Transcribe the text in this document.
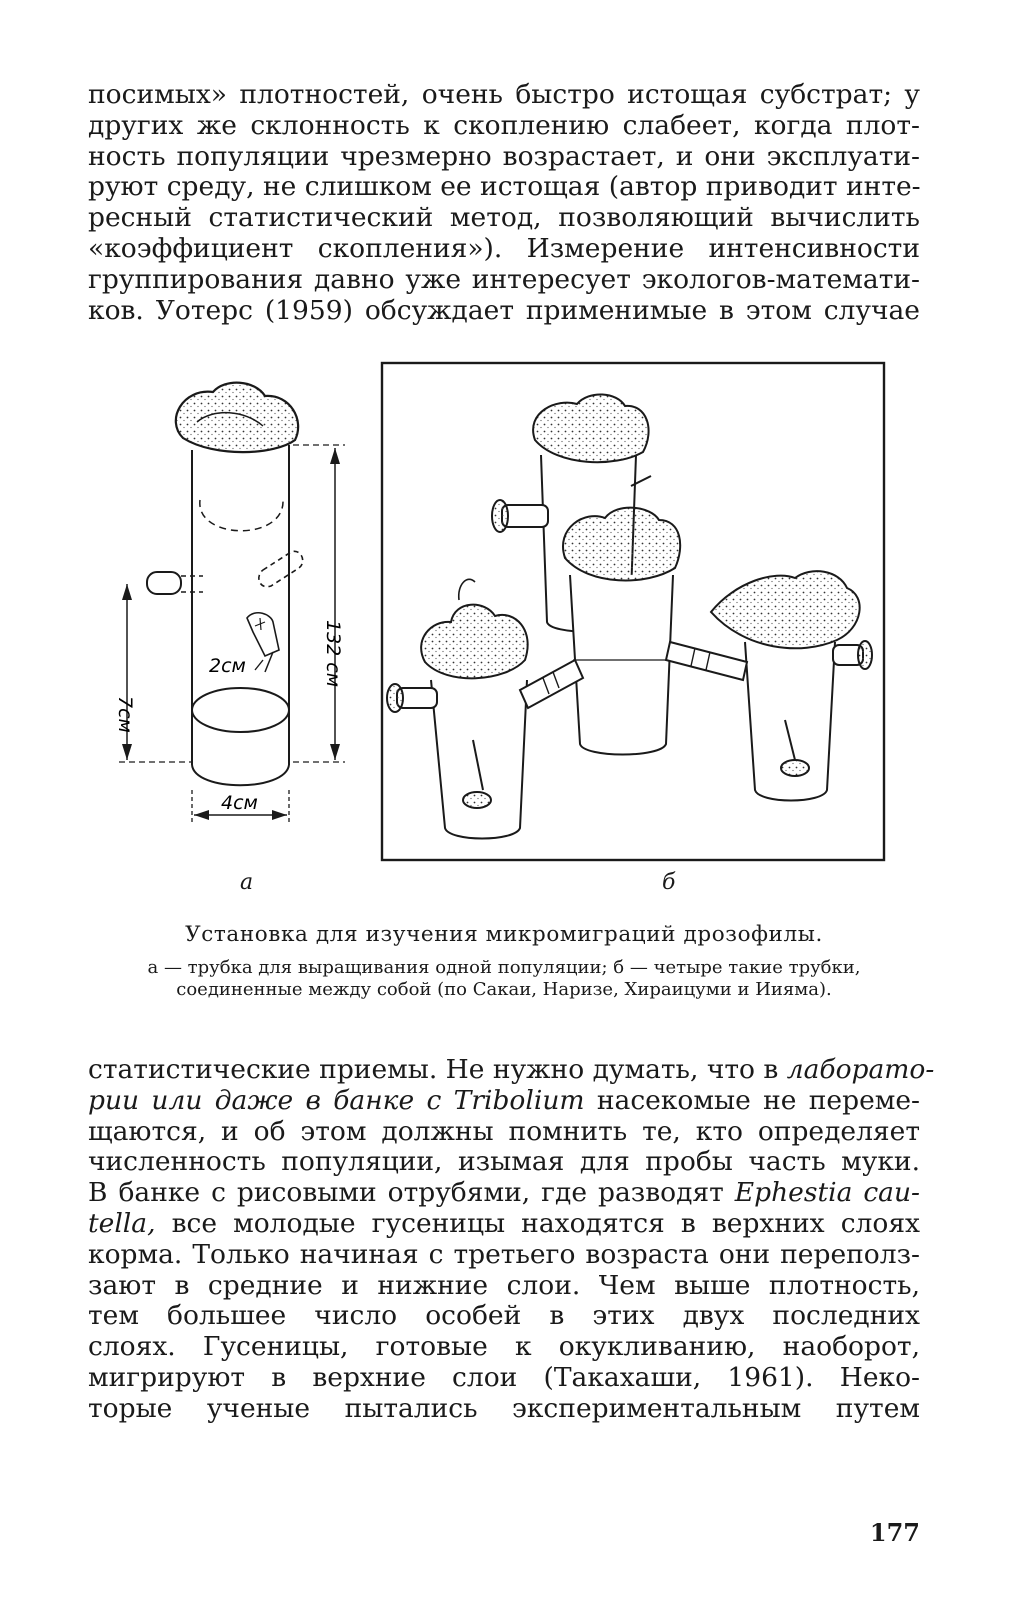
посимых» плотностей, очень быстро истощая субстрат; у
других же склонность к скоплению слабеет, когда плот-
ность популяции чрезмерно возрастает, и они эксплуати-
руют среду, не слишком ее истощая (автор приводит инте-
ресный статистический метод, позволяющий вычислить
«коэффициент скопления»). Измерение интенсивности
группирования давно уже интересует экологов-математи-
ков. Уотерс (1959) обсуждает применимые в этом случае
132 см
7см
2см
4см
а	б
Установка для изучения микромиграций дрозофилы.
а — трубка для выращивания одной популяции; б — четыре такие трубки,
соединенные между собой (по Сакаи, Наризе, Хираицуми и Иияма).
статистические приемы. Не нужно думать, что в лаборато-
рии или даже в банке с Tribolium насекомые не переме-
щаются, и об этом должны помнить те, кто определяет
численность популяции, изымая для пробы часть муки.
В банке с рисовыми отрубями, где разводят Ephestia cau-
tella, все молодые гусеницы находятся в верхних слоях
корма. Только начиная с третьего возраста они переполз-
зают в средние и нижние слои. Чем выше плотность,
тем большее число особей в этих двух последних
слоях. Гусеницы, готовые к окукливанию, наоборот,
мигрируют в верхние слои (Такахаши, 1961). Неко-
торые ученые пытались экспериментальным путем
177
